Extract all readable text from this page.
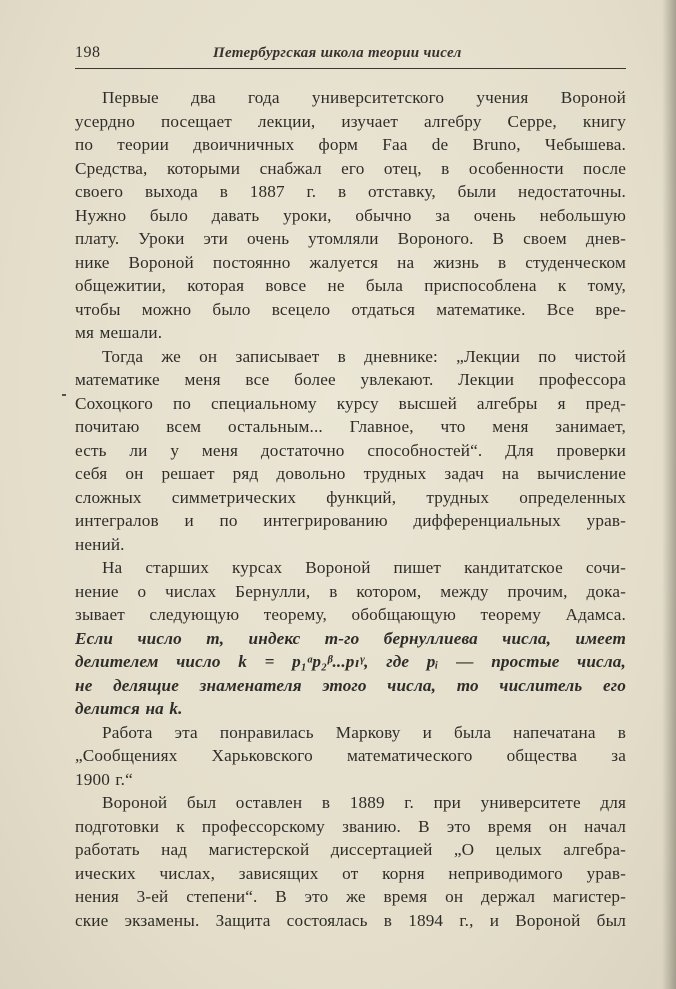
198	Петербургская школа теории чисел
Первые два года университетского учения Вороной
усердно посещает лекции, изучает алгебру Серре, книгу
по теории двоичничных форм Faa de Bruno, Чебышева.
Средства, которыми снабжал его отец, в особенности после
своего выхода в 1887 г. в отставку, были недостаточны.
Нужно было давать уроки, обычно за очень небольшую
плату. Уроки эти очень утомляли Вороного. В своем днев-
нике Вороной постоянно жалуется на жизнь в студенческом
общежитии, которая вовсе не была приспособлена к тому,
чтобы можно было всецело отдаться математике. Все вре-
мя мешали.
Тогда же он записывает в дневнике: „Лекции по чистой
математике меня все более увлекают. Лекции профессора
Сохоцкого по специальному курсу высшей алгебры я пред-
почитаю всем остальным... Главное, что меня занимает,
есть ли у меня достаточно способностей“. Для проверки
себя он решает ряд довольно трудных задач на вычисление
сложных симметрических функций, трудных определенных
интегралов и по интегрированию дифференциальных урав-
нений.
На старших курсах Вороной пишет кандитатское сочи-
нение о числах Бернулли, в котором, между прочим, дока-
зывает следующую теорему, обобщающую теорему Адамса.
Если число m, индекс m-го бернуллиева числа, имеет
делителем число k = p₁ᵅp₂ᵝ...pₗᵞ, где pᵢ — простые числа,
не делящие знаменателя этого числа, то числитель его
делится на k.
Работа эта понравилась Маркову и была напечатана в
„Сообщениях Харьковского математического общества за
1900 г.“
Вороной был оставлен в 1889 г. при университете для
подготовки к профессорскому званию. В это время он начал
работать над магистерской диссертацией „О целых алгебра-
ических числах, зависящих от корня неприводимого урав-
нения 3-ей степени“. В это же время он держал магистер-
ские экзамены. Защита состоялась в 1894 г., и Вороной был
